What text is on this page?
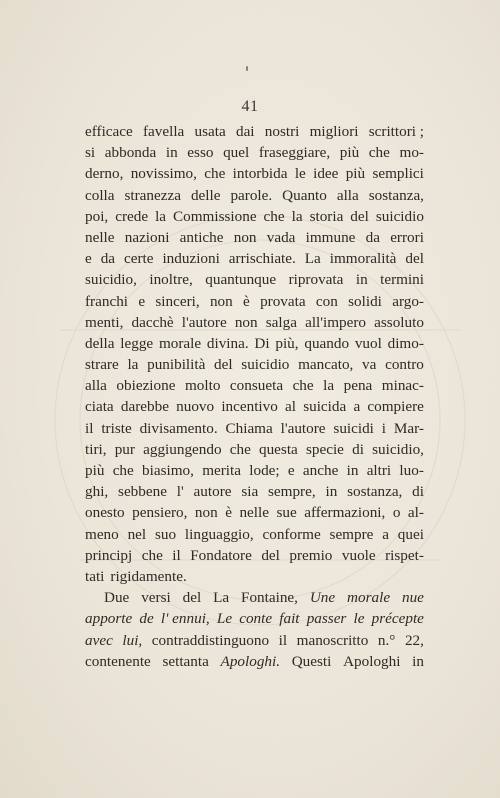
41
efficace favella usata dai nostri migliori scrittori ;
si abbonda in esso quel fraseggiare, più che mo-
derno, novissimo, che intorbida le idee più semplici
colla stranezza delle parole. Quanto alla sostanza,
poi, crede la Commissione che la storia del suicidio
nelle nazioni antiche non vada immune da errori
e da certe induzioni arrischiate. La immoralità del
suicidio, inoltre, quantunque riprovata in termini
franchi e sinceri, non è provata con solidi argo-
menti, dacchè l'autore non salga all'impero assoluto
della legge morale divina. Di più, quando vuol dimo-
strare la punibilità del suicidio mancato, va contro
alla obiezione molto consueta che la pena minac-
ciata darebbe nuovo incentivo al suicida a compiere
il triste divisamento. Chiama l'autore suicidi i Mar-
tiri, pur aggiungendo che questa specie di suicidio,
più che biasimo, merita lode; e anche in altri luo-
ghi, sebbene l' autore sia sempre, in sostanza, di
onesto pensiero, non è nelle sue affermazioni, o al-
meno nel suo linguaggio, conforme sempre a quei
principj che il Fondatore del premio vuole rispet-
tati rigidamente.
Due versi del La Fontaine, Une morale nue
apporte de l' ennui, Le conte fait passer le précepte
avec lui, contraddistinguono il manoscritto n.° 22,
contenente settanta Apologhi. Questi Apologhi in
